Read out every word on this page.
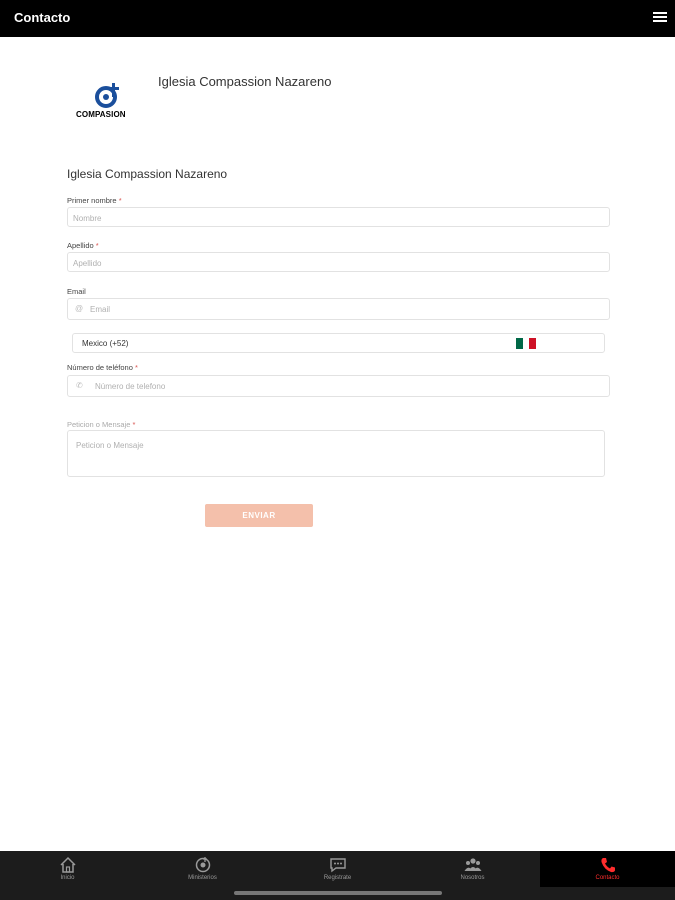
Contacto
COMPASION
Iglesia Compassion Nazareno
Iglesia Compassion Nazareno
Primer nombre *
Nombre
Apellido *
Apellido
Email
@
Email
Mexico (+52)
Número de teléfono *
✆
Número de telefono
Peticion o Mensaje *
Peticion o Mensaje
ENVIAR
Inicio	Ministerios	Registrate	Nosotros	Contacto
